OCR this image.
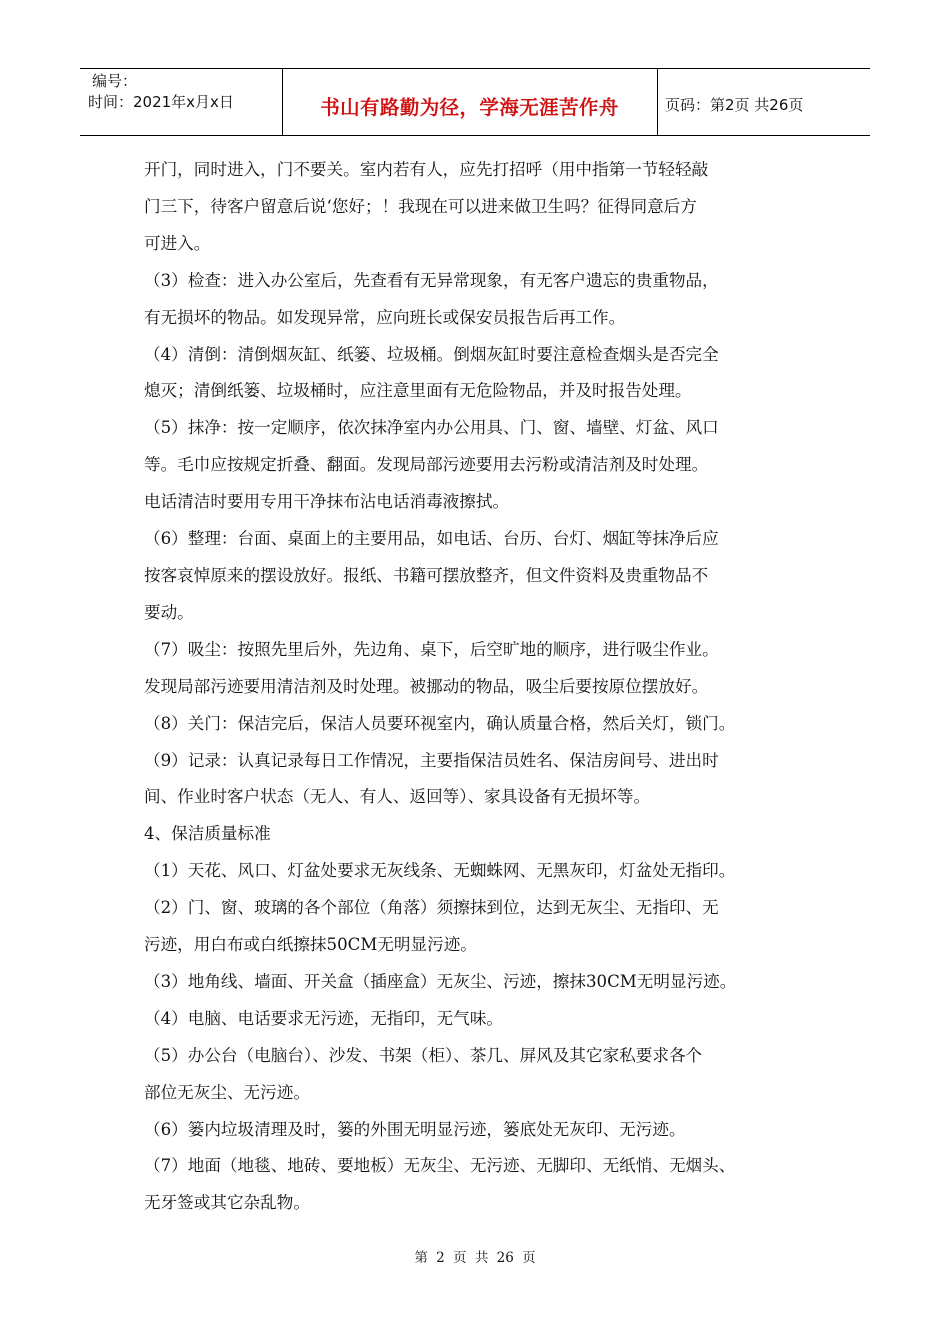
编号：
时间：2021年x月x日	书山有路勤为径，学海无涯苦作舟	页码：第2页 共26页

开门，同时进入，门不要关。室内若有人，应先打招呼（用中指第一节轻轻敲

门三下，待客户留意后说‘您好；！我现在可以进来做卫生吗？征得同意后方

可进入。

（3）检查：进入办公室后，先查看有无异常现象，有无客户遗忘的贵重物品，

有无损坏的物品。如发现异常，应向班长或保安员报告后再工作。

（4）清倒：清倒烟灰缸、纸篓、垃圾桶。倒烟灰缸时要注意检查烟头是否完全

熄灭；清倒纸篓、垃圾桶时，应注意里面有无危险物品，并及时报告处理。

（5）抹净：按一定顺序，依次抹净室内办公用具、门、窗、墙壁、灯盆、风口

等。毛巾应按规定折叠、翻面。发现局部污迹要用去污粉或清洁剂及时处理。

电话清洁时要用专用干净抹布沾电话消毒液擦拭。

（6）整理：台面、桌面上的主要用品，如电话、台历、台灯、烟缸等抹净后应

按客哀悼原来的摆设放好。报纸、书籍可摆放整齐，但文件资料及贵重物品不

要动。

（7）吸尘：按照先里后外，先边角、桌下，后空旷地的顺序，进行吸尘作业。

发现局部污迹要用清洁剂及时处理。被挪动的物品，吸尘后要按原位摆放好。

（8）关门：保洁完后，保洁人员要环视室内，确认质量合格，然后关灯，锁门。

（9）记录：认真记录每日工作情况，主要指保洁员姓名、保洁房间号、进出时

间、作业时客户状态（无人、有人、返回等）、家具设备有无损坏等。

4、保洁质量标准

（1）天花、风口、灯盆处要求无灰线条、无蜘蛛网、无黑灰印，灯盆处无指印。

（2）门、窗、玻璃的各个部位（角落）须擦抹到位，达到无灰尘、无指印、无

污迹，用白布或白纸擦抹50CM无明显污迹。

（3）地角线、墙面、开关盒（插座盒）无灰尘、污迹，擦抹30CM无明显污迹。

（4）电脑、电话要求无污迹，无指印，无气味。

（5）办公台（电脑台）、沙发、书架（柜）、茶几、屏风及其它家私要求各个

部位无灰尘、无污迹。

（6）篓内垃圾清理及时，篓的外围无明显污迹，篓底处无灰印、无污迹。

（7）地面（地毯、地砖、要地板）无灰尘、无污迹、无脚印、无纸悄、无烟头、

无牙签或其它杂乱物。

第 2 页 共 26 页
